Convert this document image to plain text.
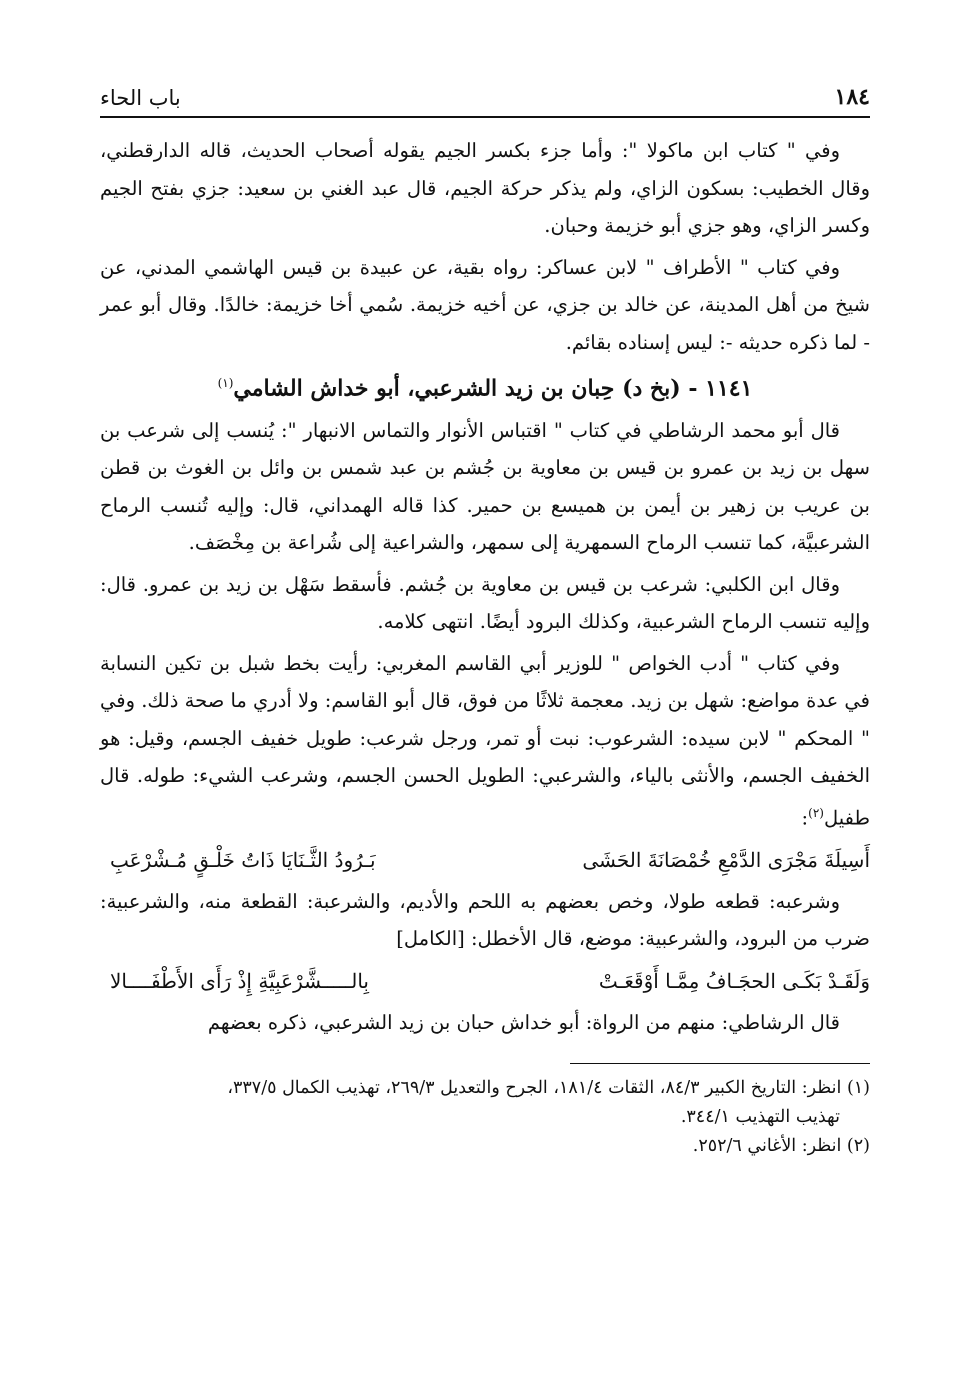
١٨٤
باب الحاء

وفي " كتاب ابن ماكولا ": وأما جزء بكسر الجيم يقوله أصحاب الحديث، قاله الدارقطني، وقال الخطيب: بسكون الزاي، ولم يذكر حركة الجيم، قال عبد الغني بن سعيد: جزي بفتح الجيم وكسر الزاي، وهو جزي أبو خزيمة وحبان.

وفي كتاب " الأطراف " لابن عساكر: رواه بقية، عن عبيدة بن قيس الهاشمي المدني، عن شيخ من أهل المدينة، عن خالد بن جزي، عن أخيه خزيمة. سُمي أخا خزيمة: خالدًا. وقال أبو عمر - لما ذكره حديثه -: ليس إسناده بقائم.

١١٤١ - (بخ د) حِبان بن زيد الشرعبي، أبو خداش الشامي$^{(١)}$

قال أبو محمد الرشاطي في كتاب " اقتباس الأنوار والتماس الانبهار ": يُنسب إلى شرعب بن سهل بن زيد بن عمرو بن قيس بن معاوية بن جُشم بن عبد شمس بن وائل بن الغوث بن قطن بن عريب بن زهير بن أيمن بن هميسع بن حمير. كذا قاله الهمداني، قال: وإليه تُنسب الرماح الشرعبيَّة، كما تنسب الرماح السمهرية إلى سمهر، والشراعية إلى شُراعة بن مِخْصَف.

وقال ابن الكلبي: شرعب بن قيس بن معاوية بن جُشم. فأسقط سَهْل بن زيد بن عمرو. قال: وإليه تنسب الرماح الشرعبية، وكذلك البرود أيضًا. انتهى كلامه.

وفي كتاب " أدب الخواص " للوزير أبي القاسم المغربي: رأيت بخط شبل بن تكين النسابة في عدة مواضع: شهل بن زيد. معجمة ثلاثًا من فوق، قال أبو القاسم: ولا أدري ما صحة ذلك. وفي " المحكم " لابن سيده: الشرعوب: نبت أو تمر، ورجل شرعب: طويل خفيف الجسم، وقيل: هو الخفيف الجسم، والأنثى بالياء، والشرعبي: الطويل الحسن الجسم، وشرعب الشيء: طوله. قال طفيل$^{(٢)}$:

أَسِيلَةَ مَجْرَى الدَّمْعِ خُمْصَانَةَ الحَشَى
بَـرُودُ الثَّـنَايَا ذَاتُ خَلْـقٍ مُـشْرْعَبِ

وشرعبه: قطعه طولا، وخص بعضهم به اللحم والأديم، والشرعبة: القطعة منه، والشرعبية: ضرب من البرود، والشرعبية: موضع، قال الأخطل: [الكامل]

وَلَقَـدْ بَكَـى الحجَـافُ مِمَّـا أَوْقَعَـتْ
بِالـــــشَّرْعَبِيَّةِ إِذْ رَأَى الأَطْفَــــالا

قال الرشاطي: منهم من الرواة: أبو خداش حبان بن زيد الشرعبي، ذكره بعضهم

(١) انظر: التاريخ الكبير ٨٤/٣، الثقات ١٨١/٤، الجرح والتعديل ٢٦٩/٣، تهذيب الكمال ٣٣٧/٥،

تهذيب التهذيب ٣٤٤/١.

(٢) انظر: الأغاني ٢٥٢/٦.
